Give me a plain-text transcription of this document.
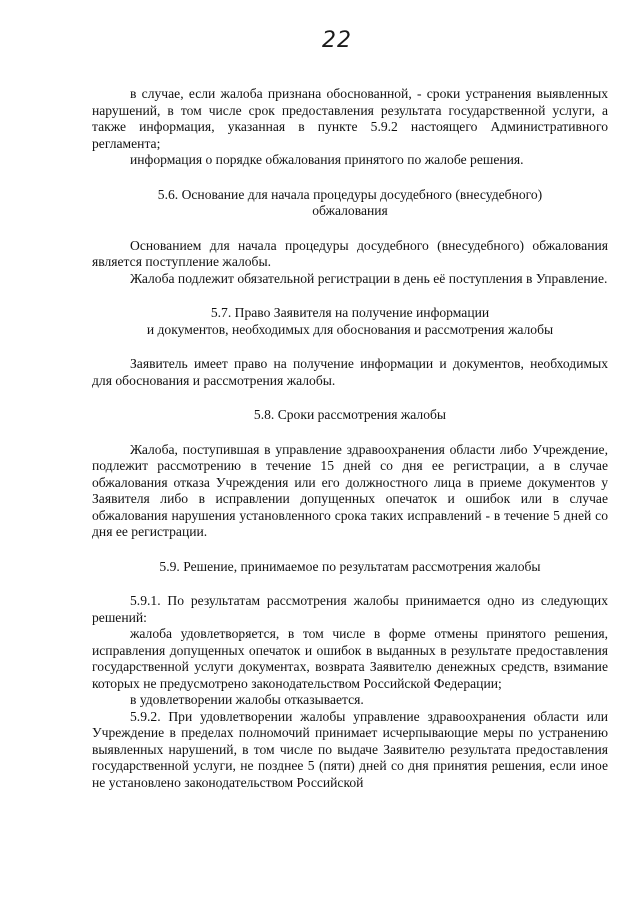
22

в случае, если жалоба признана обоснованной, - сроки устранения выявленных нарушений, в том числе срок предоставления результата государственной услуги, а также информация, указанная в пункте 5.9.2 настоящего Административного регламента;

информация о порядке обжалования принятого по жалобе решения.

5.6. Основание для начала процедуры досудебного (внесудебного)
обжалования

Основанием для начала процедуры досудебного (внесудебного) обжалования является поступление жалобы.

Жалоба подлежит обязательной регистрации в день её поступления в Управление.

5.7. Право Заявителя на получение информации
и документов, необходимых для обоснования и рассмотрения жалобы

Заявитель имеет право на получение информации и документов, необходимых для обоснования и рассмотрения жалобы.

5.8. Сроки рассмотрения жалобы

Жалоба, поступившая в управление здравоохранения области либо Учреждение, подлежит рассмотрению в течение 15 дней со дня ее регистрации, а в случае обжалования отказа Учреждения или его должностного лица в приеме документов у Заявителя либо в исправлении допущенных опечаток и ошибок или в случае обжалования нарушения установленного срока таких исправлений - в течение 5 дней со дня ее регистрации.

5.9. Решение, принимаемое по результатам рассмотрения жалобы

5.9.1. По результатам рассмотрения жалобы принимается одно из следующих решений:

жалоба удовлетворяется, в том числе в форме отмены принятого решения, исправления допущенных опечаток и ошибок в выданных в результате предоставления государственной услуги документах, возврата Заявителю денежных средств, взимание которых не предусмотрено законодательством Российской Федерации;

в удовлетворении жалобы отказывается.

5.9.2. При удовлетворении жалобы управление здравоохранения области или Учреждение в пределах полномочий принимает исчерпывающие меры по устранению выявленных нарушений, в том числе по выдаче Заявителю результата предоставления государственной услуги, не позднее 5 (пяти) дней со дня принятия решения, если иное не установлено законодательством Российской
